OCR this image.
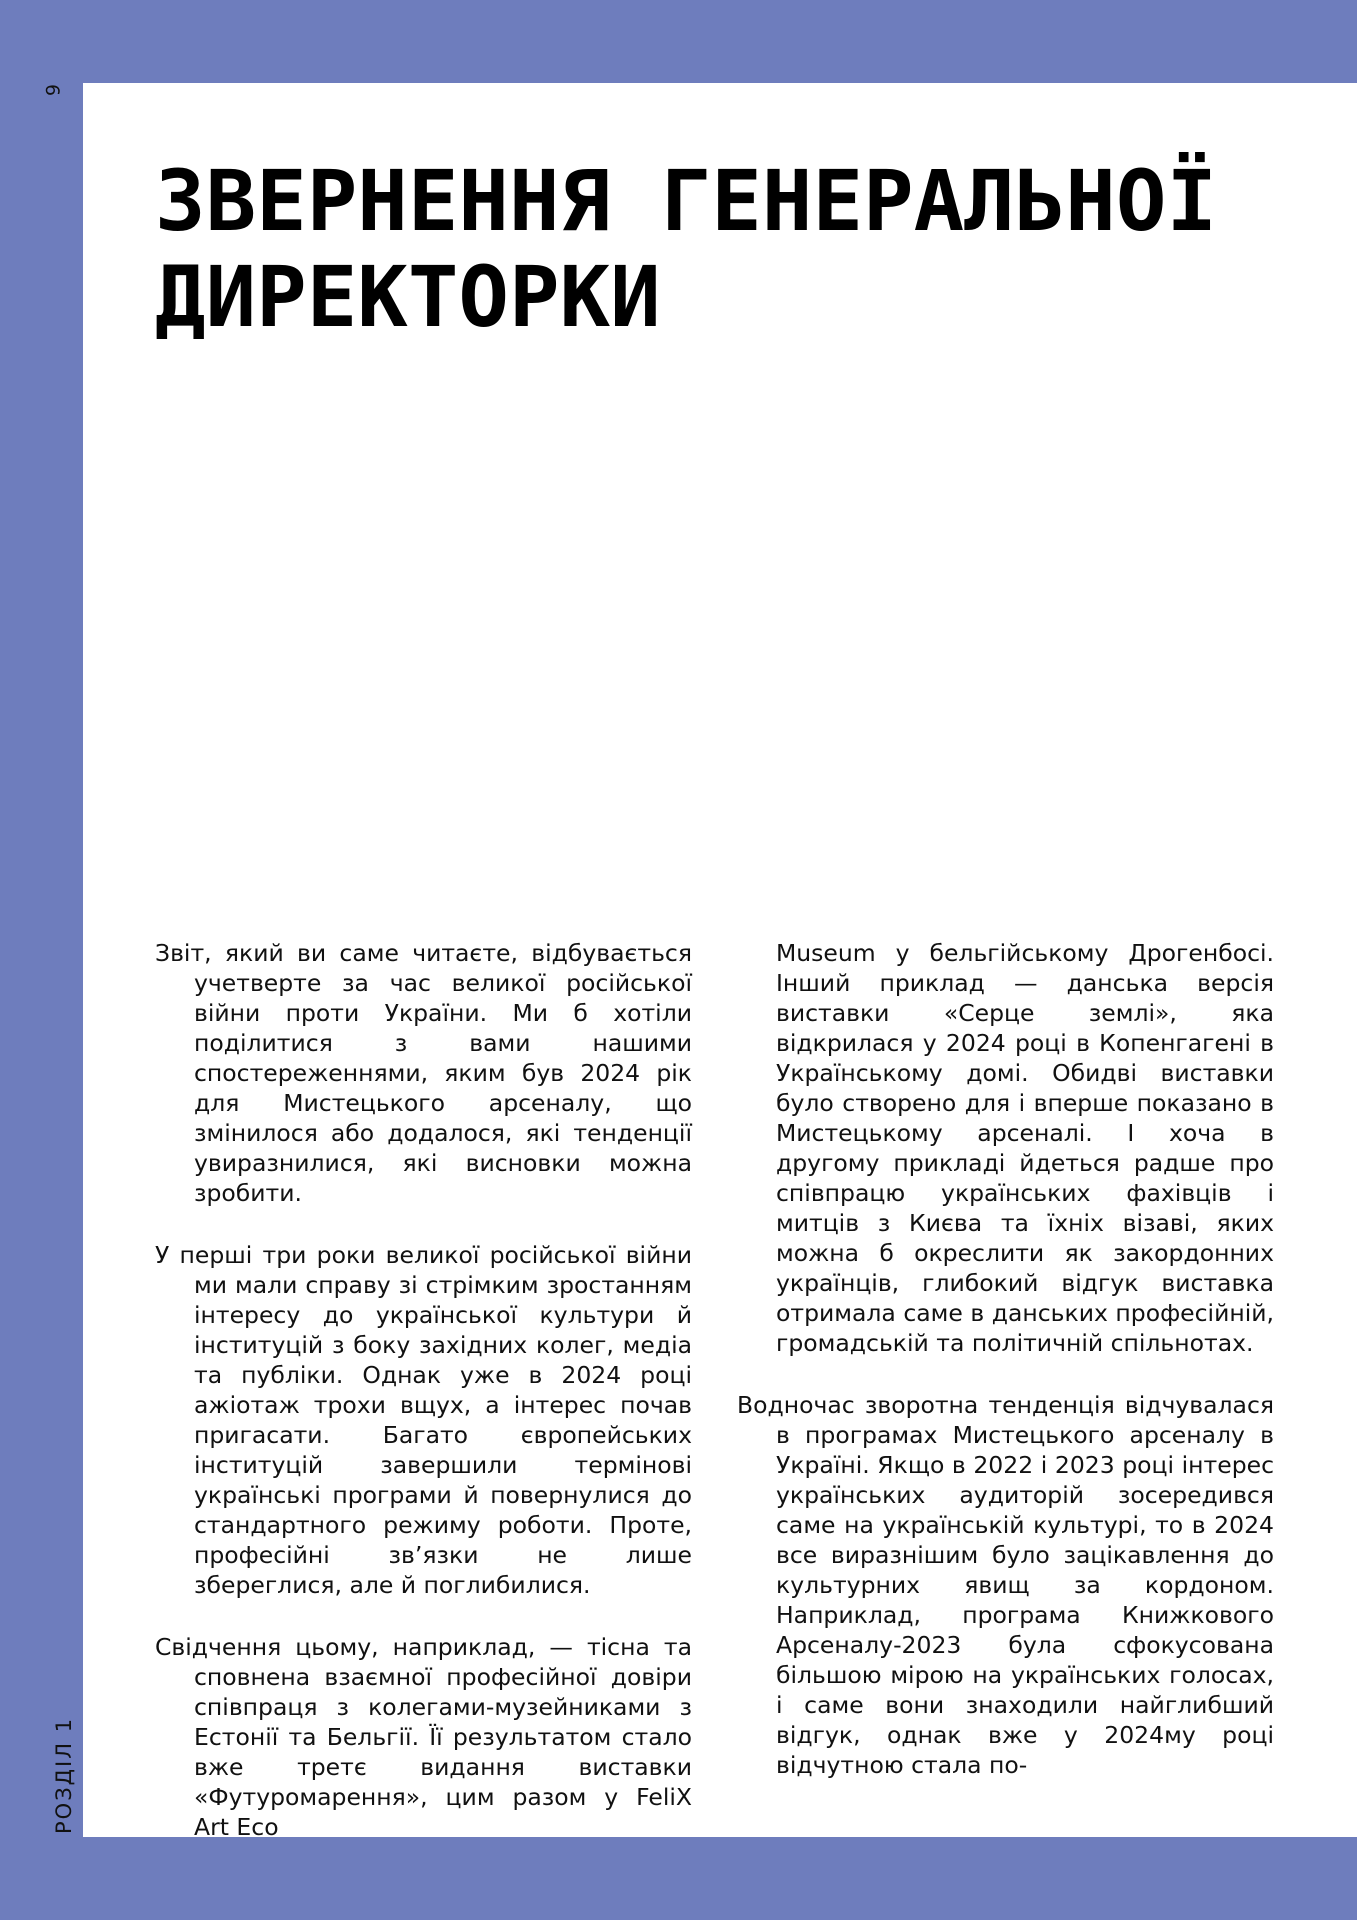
6
РОЗДІЛ 1
ЗВЕРНЕННЯ ГЕНЕРАЛЬНОЇ ДИРЕКТОРКИ

Звіт, який ви саме читаєте, відбувається учетверте за час великої російської війни проти України. Ми б хотіли поділитися з вами нашими спостереженнями, яким був 2024 рік для Мистецького арсеналу, що змінилося або додалося, які тенденції увиразнилися, які висновки можна зробити.

У перші три роки великої російської війни ми мали справу зі стрімким зростанням інтересу до української культури й інституцій з боку західних колег, медіа та публіки. Однак уже в 2024 році ажіотаж трохи вщух, а інтерес почав пригасати. Багато європейських інституцій завершили термінові українські програми й повернулися до стандартного режиму роботи. Проте, професійні зв’язки не лише збереглися, але й поглибилися.

Свідчення цьому, наприклад, — тісна та сповнена взаємної професійної довіри співпраця з колегами-музейниками з Естонії та Бельгії. Її результатом стало вже третє видання виставки «Футуромарення», цим разом у FeliX Art Eco

Museum у бельгійському Дрогенбосі. Інший приклад — данська версія виставки «Серце землі», яка відкрилася у 2024 році в Копенгагені в Українському домі. Обидві виставки було створено для і вперше показано в Мистецькому арсеналі. І хоча в другому прикладі йдеться радше про співпрацю українських фахівців і митців з Києва та їхніх візаві, яких можна б окреслити як закордонних українців, глибокий відгук виставка отримала саме в данських професійній, громадській та політичній спільнотах.

Водночас зворотна тенденція відчувалася в програмах Мистецького арсеналу в Україні. Якщо в 2022 і 2023 році інтерес українських аудиторій зосередився саме на українській культурі, то в 2024 все виразнішим було зацікавлення до культурних явищ за кордоном. Наприклад, програма Книжкового Арсеналу-2023 була сфокусована більшою мірою на українських голосах, і саме вони знаходили найглибший відгук, однак вже у 2024му році відчутною стала по-
